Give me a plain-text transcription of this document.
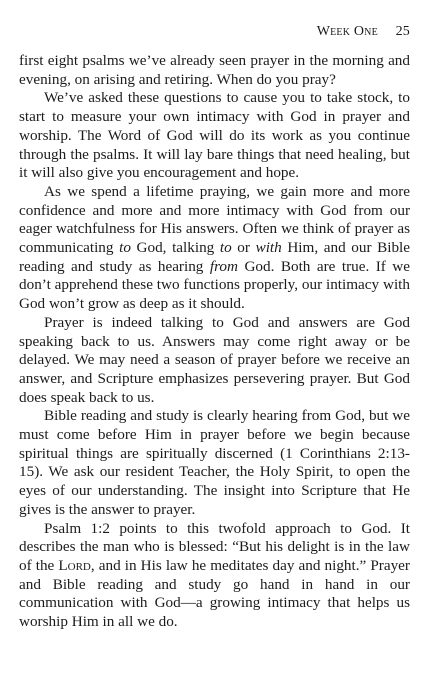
Week One 25

first eight psalms we’ve already seen prayer in the morning and evening, on arising and retiring. When do you pray?

We’ve asked these questions to cause you to take stock, to start to measure your own intimacy with God in prayer and worship. The Word of God will do its work as you continue through the psalms. It will lay bare things that need healing, but it will also give you encouragement and hope.

As we spend a lifetime praying, we gain more and more confidence and more and more intimacy with God from our eager watchfulness for His answers. Often we think of prayer as communicating to God, talking to or with Him, and our Bible reading and study as hearing from God. Both are true. If we don’t apprehend these two functions properly, our intimacy with God won’t grow as deep as it should.

Prayer is indeed talking to God and answers are God speaking back to us. Answers may come right away or be delayed. We may need a season of prayer before we receive an answer, and Scripture emphasizes persevering prayer. But God does speak back to us.

Bible reading and study is clearly hearing from God, but we must come before Him in prayer before we begin because spiritual things are spiritually discerned (1 Corinthians 2:13-15). We ask our resident Teacher, the Holy Spirit, to open the eyes of our understanding. The insight into Scripture that He gives is the answer to prayer.

Psalm 1:2 points to this twofold approach to God. It describes the man who is blessed: “But his delight is in the law of the Lord, and in His law he meditates day and night.” Prayer and Bible reading and study go hand in hand in our communication with God—a growing intimacy that helps us worship Him in all we do.
